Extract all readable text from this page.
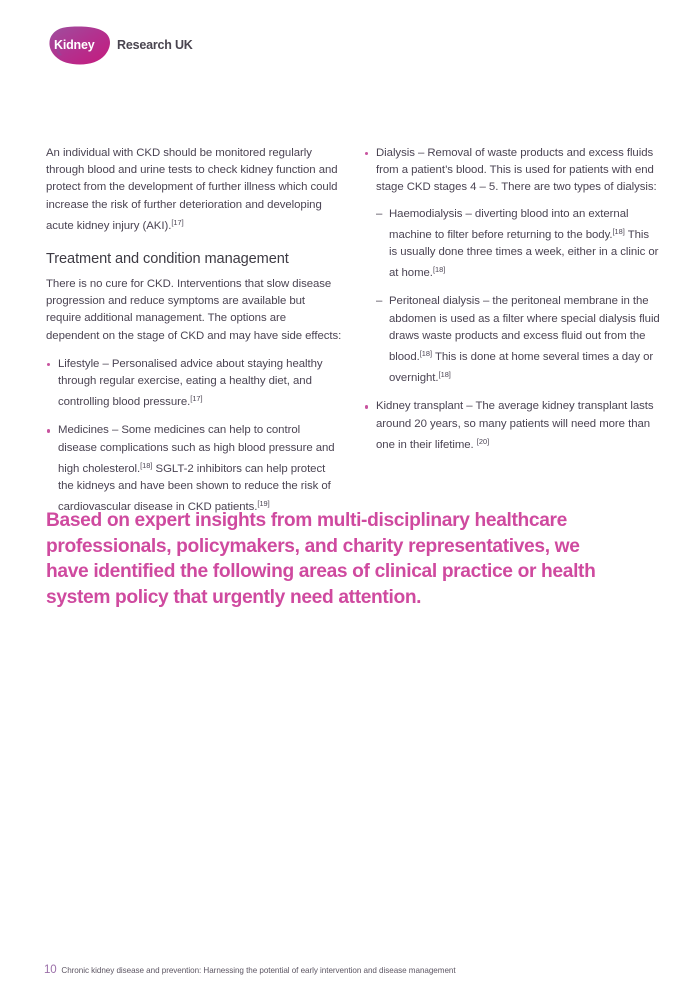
Kidney Research UK

An individual with CKD should be monitored regularly through blood and urine tests to check kidney function and protect from the development of further illness which could increase the risk of further deterioration and developing acute kidney injury (AKI).[17]

Treatment and condition management

There is no cure for CKD. Interventions that slow disease progression and reduce symptoms are available but require additional management. The options are dependent on the stage of CKD and may have side effects:

Lifestyle – Personalised advice about staying healthy through regular exercise, eating a healthy diet, and controlling blood pressure.[17]
Medicines – Some medicines can help to control disease complications such as high blood pressure and high cholesterol.[18] SGLT-2 inhibitors can help protect the kidneys and have been shown to reduce the risk of cardiovascular disease in CKD patients.[19]
Dialysis – Removal of waste products and excess fluids from a patient’s blood. This is used for patients with end stage CKD stages 4 – 5. There are two types of dialysis:
– Haemodialysis – diverting blood into an external machine to filter before returning to the body.[18] This is usually done three times a week, either in a clinic or at home.[18]
– Peritoneal dialysis – the peritoneal membrane in the abdomen is used as a filter where special dialysis fluid draws waste products and excess fluid out from the blood.[18] This is done at home several times a day or overnight.[18]
Kidney transplant – The average kidney transplant lasts around 20 years, so many patients will need more than one in their lifetime. [20]
Based on expert insights from multi-disciplinary healthcare professionals, policymakers, and charity representatives, we have identified the following areas of clinical practice or health system policy that urgently need attention.
10 Chronic kidney disease and prevention: Harnessing the potential of early intervention and disease management
